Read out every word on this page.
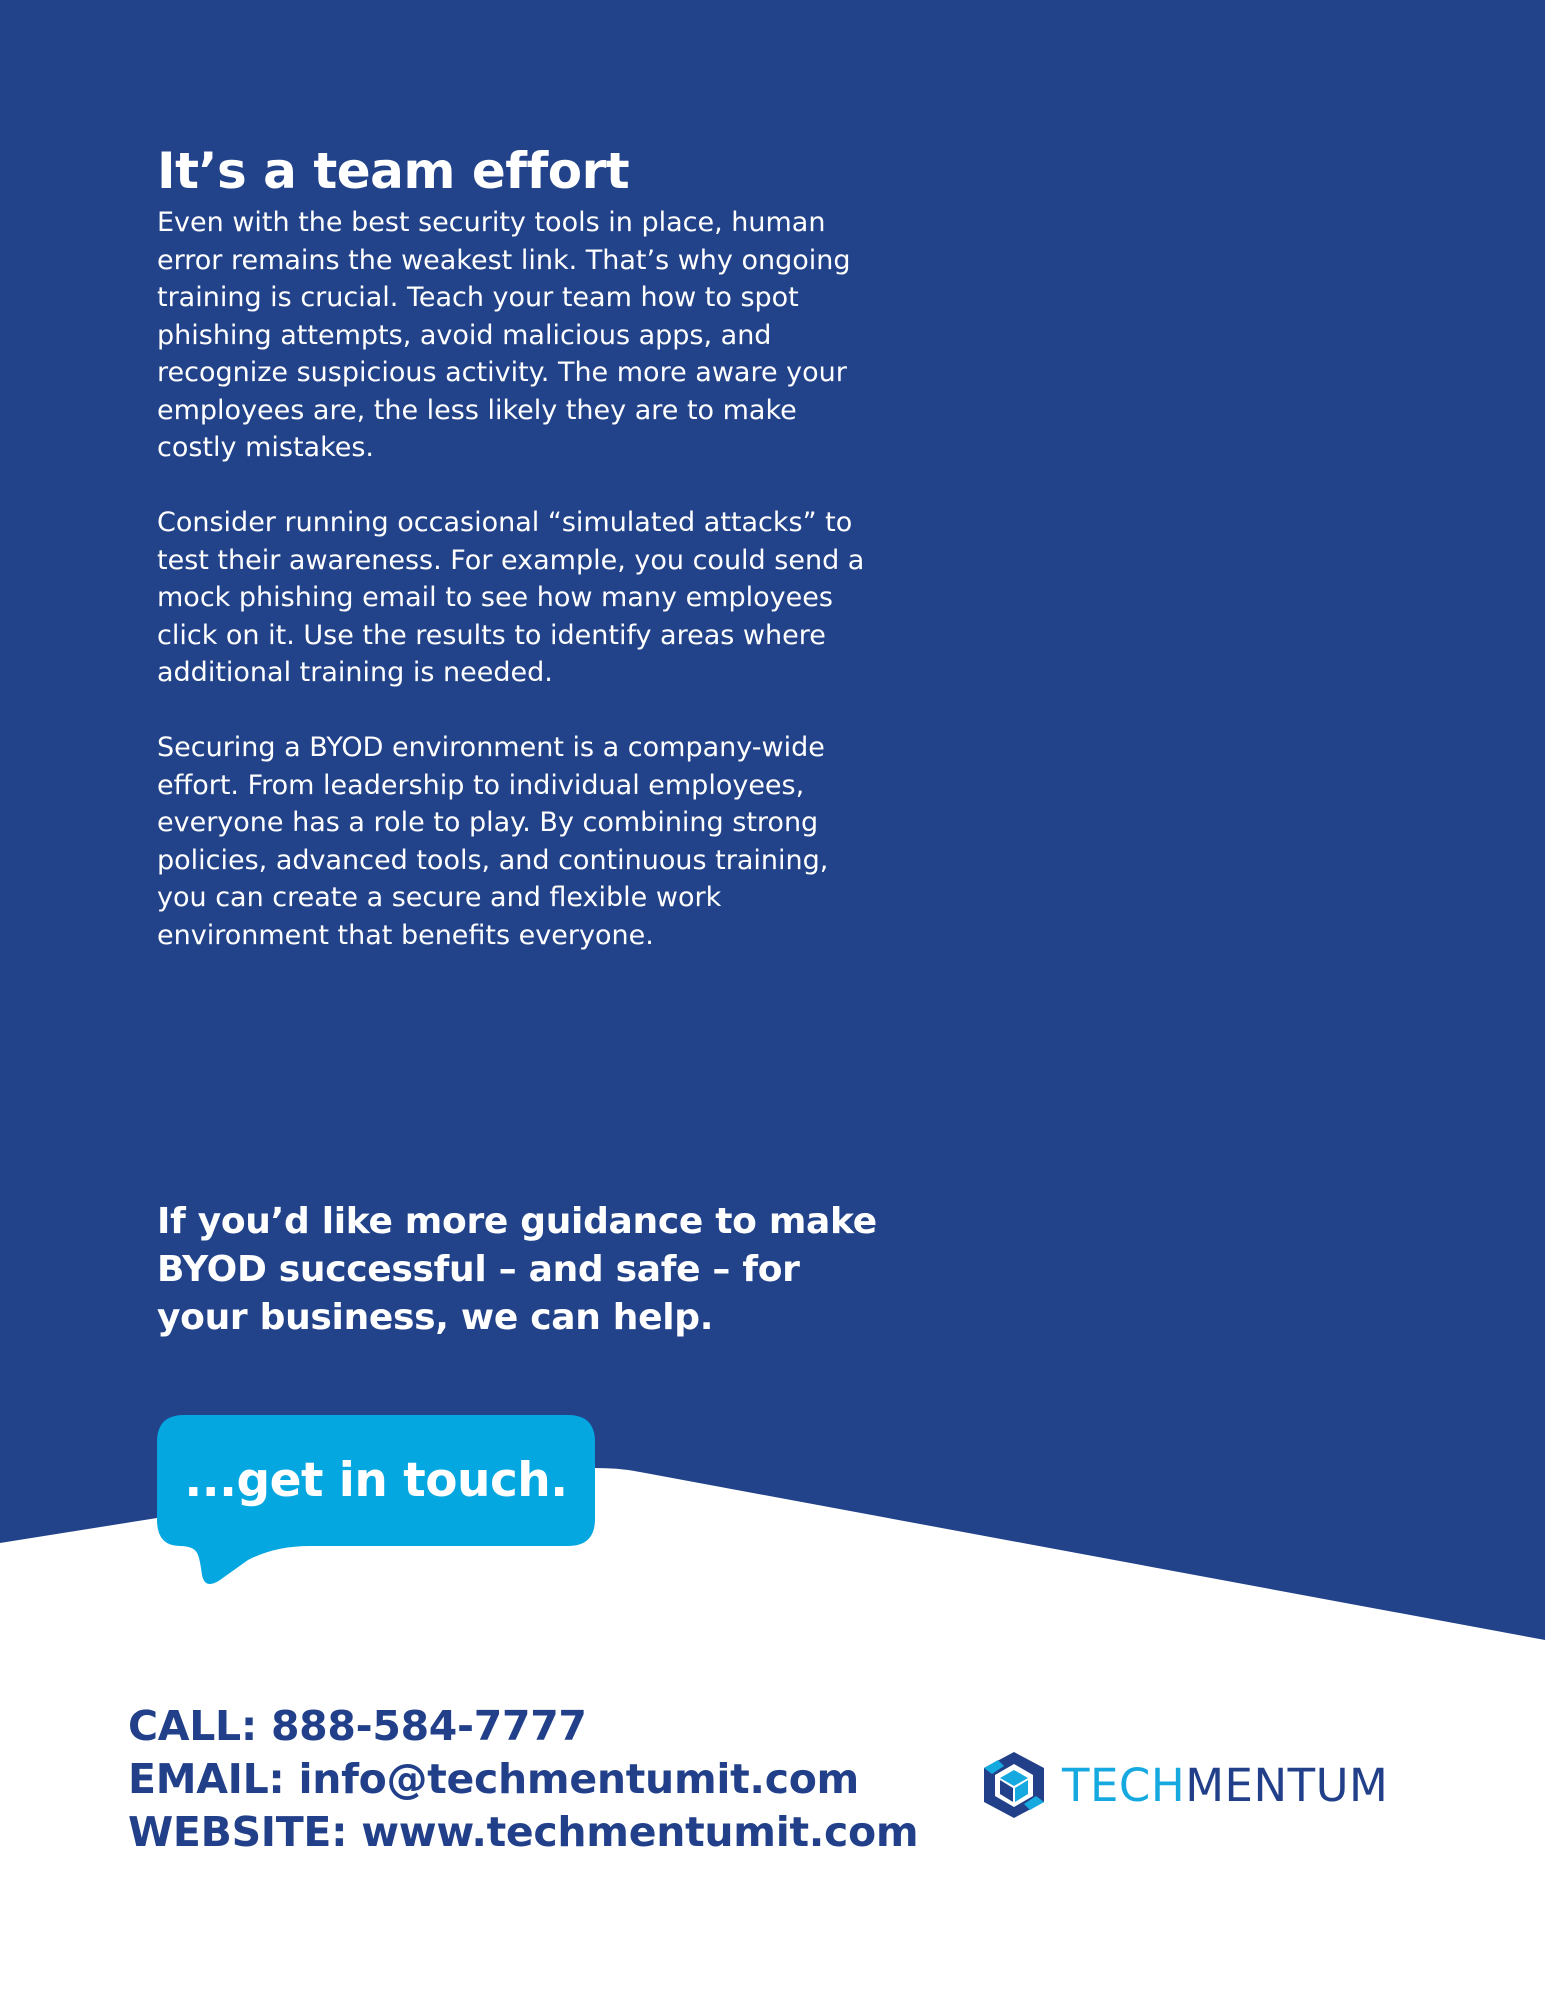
It’s a team effort

Even with the best security tools in place, human error remains the weakest link. That’s why ongoing training is crucial. Teach your team how to spot phishing attempts, avoid malicious apps, and recognize suspicious activity. The more aware your employees are, the less likely they are to make costly mistakes.

Consider running occasional “simulated attacks” to test their awareness. For example, you could send a mock phishing email to see how many employees click on it. Use the results to identify areas where additional training is needed.

Securing a BYOD environment is a company-wide effort. From leadership to individual employees, everyone has a role to play. By combining strong policies, advanced tools, and continuous training, you can create a secure and flexible work environment that benefits everyone.

If you’d like more guidance to make BYOD successful – and safe – for your business, we can help.
...get in touch.
CALL: 888-584-7777
EMAIL: info@techmentumit.com
WEBSITE: www.techmentumit.com
TECHMENTUM
